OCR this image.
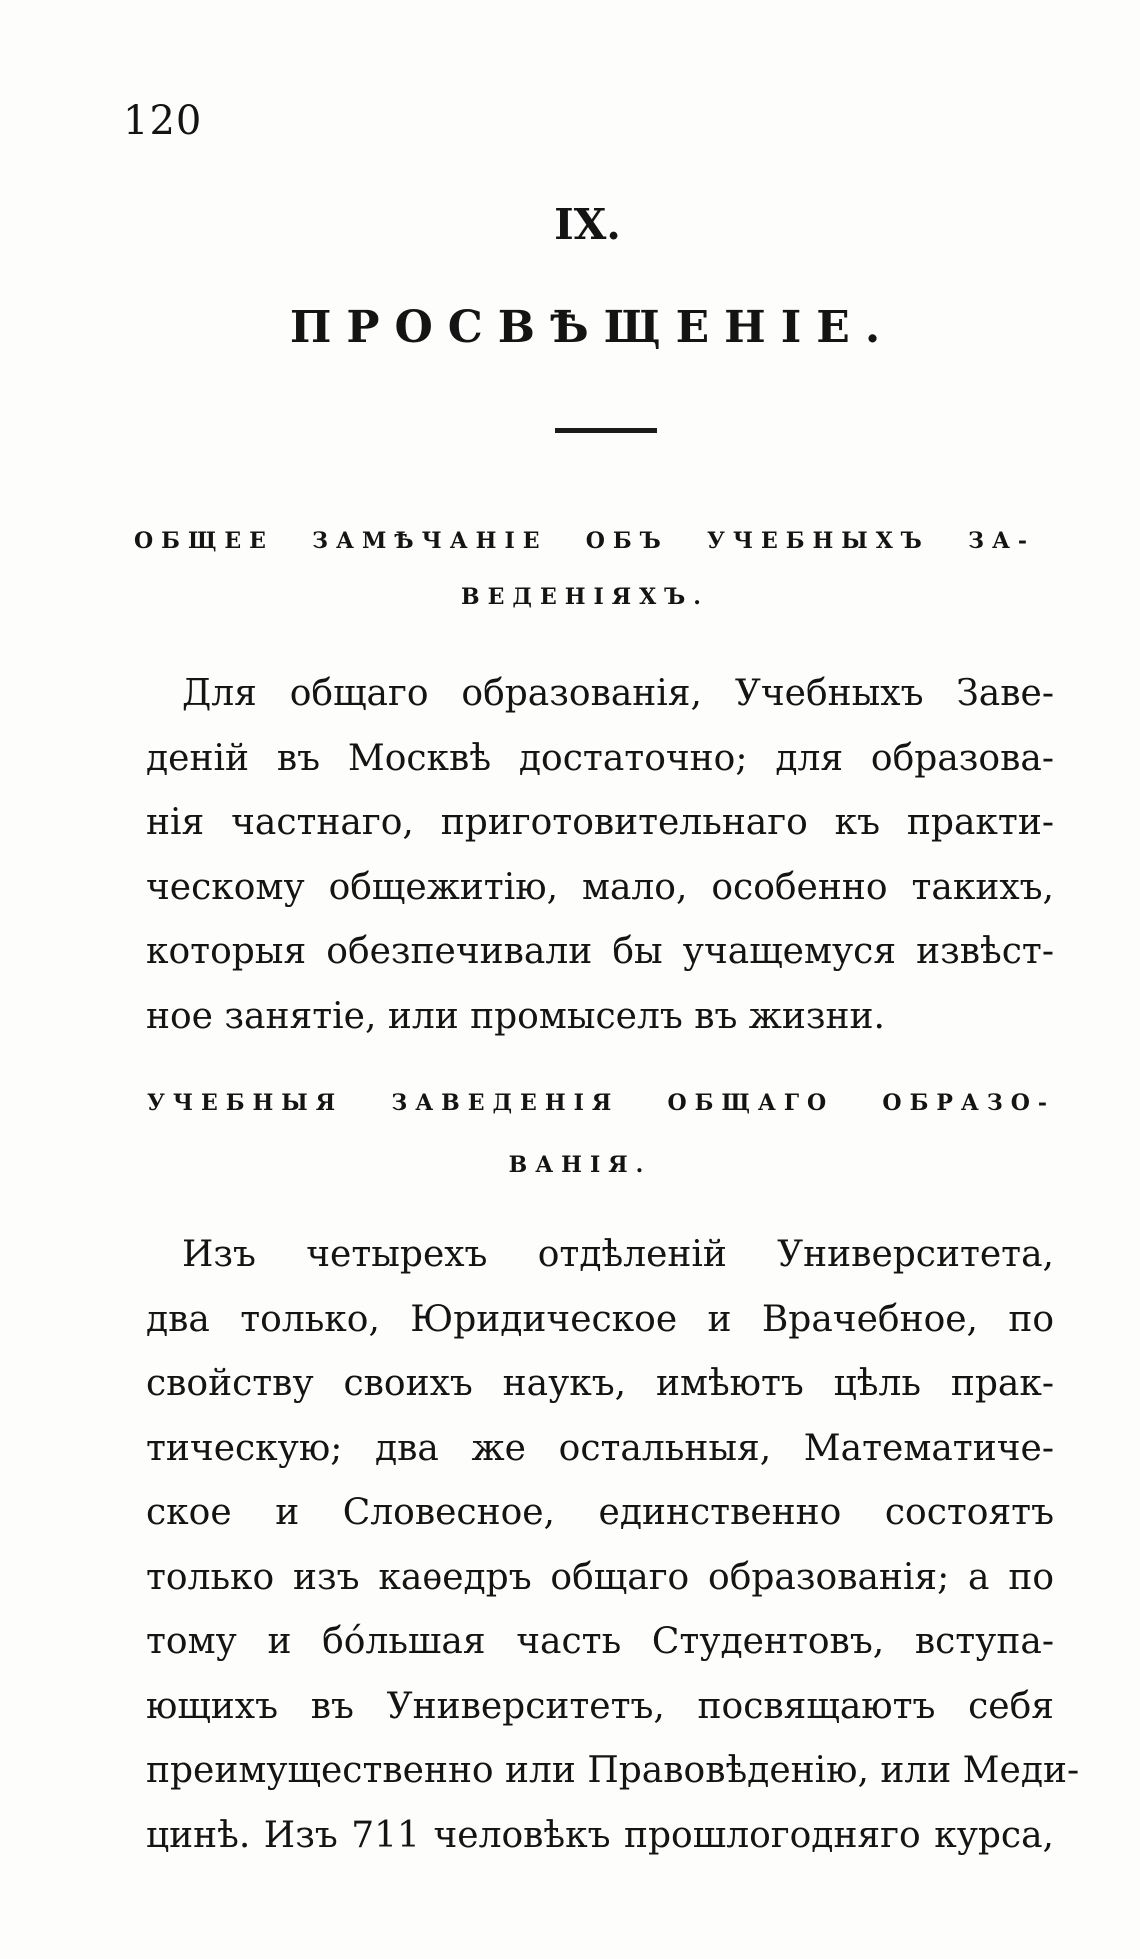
120
IX.
ПРОСВѢЩЕНІЕ.
ОБЩЕЕ ЗАМѢЧАНІЕ ОБЪ УЧЕБНЫХЪ ЗА-
ВЕДЕНІЯХЪ.
Для общаго образованія, Учебныхъ Заве-
деній въ Москвѣ достаточно; для образова-
нія частнаго, приготовительнаго къ практи-
ческому общежитію, мало, особенно такихъ,
которыя обезпечивали бы учащемуся извѣст-
ное занятіе, или промыселъ въ жизни.
УЧЕБНЫЯ ЗАВЕДЕНІЯ ОБЩАГО ОБРАЗО-
ВАНІЯ.
Изъ четырехъ отдѣленій Университета,
два только, Юридическое и Врачебное, по
свойству своихъ наукъ, имѣютъ цѣль прак-
тическую; два же остальныя, Математиче-
ское и Словесное, единственно состоятъ
только изъ каѳедръ общаго образованія; а по
тому и бо́льшая часть Студентовъ, вступа-
ющихъ въ Университетъ, посвящаютъ себя
преимущественно или Правовѣденію, или Меди-
цинѣ. Изъ 711 человѣкъ прошлогодняго курса,
